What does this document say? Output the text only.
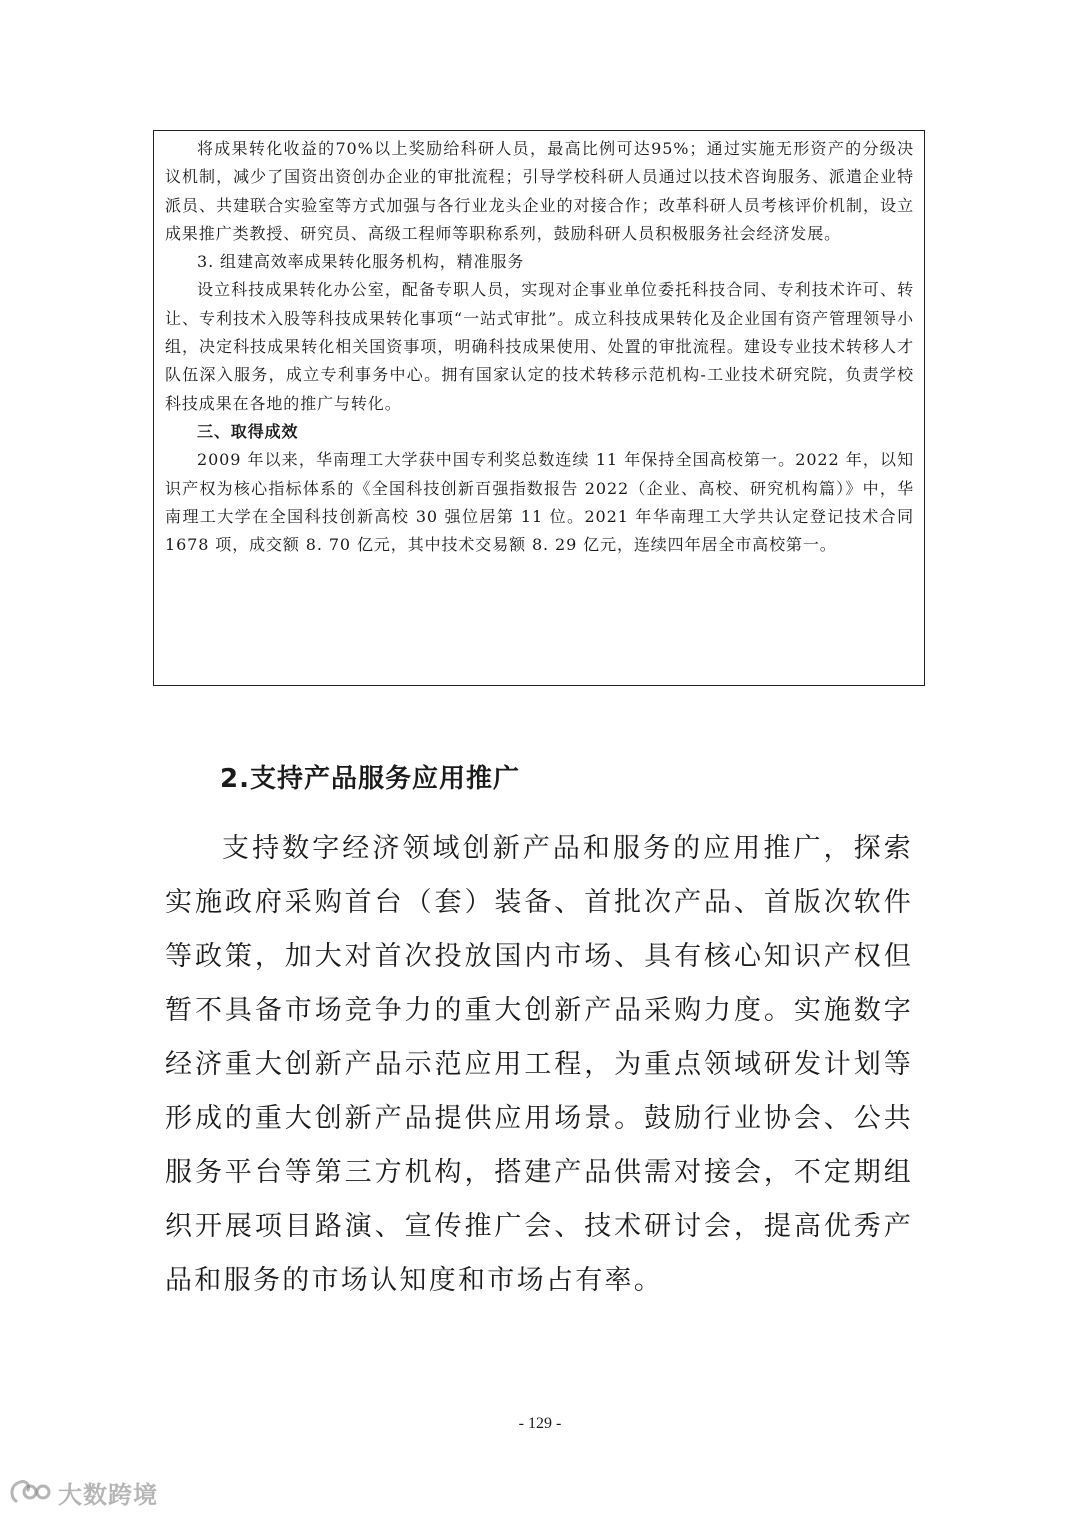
将成果转化收益的70%以上奖励给科研人员，最高比例可达95%；通过实施无形资产的分级决议机制，减少了国资出资创办企业的审批流程；引导学校科研人员通过以技术咨询服务、派遣企业特派员、共建联合实验室等方式加强与各行业龙头企业的对接合作；改革科研人员考核评价机制，设立成果推广类教授、研究员、高级工程师等职称系列，鼓励科研人员积极服务社会经济发展。

3. 组建高效率成果转化服务机构，精准服务

设立科技成果转化办公室，配备专职人员，实现对企事业单位委托科技合同、专利技术许可、转让、专利技术入股等科技成果转化事项“一站式审批”。成立科技成果转化及企业国有资产管理领导小组，决定科技成果转化相关国资事项，明确科技成果使用、处置的审批流程。建设专业技术转移人才队伍深入服务，成立专利事务中心。拥有国家认定的技术转移示范机构-工业技术研究院，负责学校科技成果在各地的推广与转化。

三、取得成效

2009 年以来，华南理工大学获中国专利奖总数连续 11 年保持全国高校第一。2022 年，以知识产权为核心指标体系的《全国科技创新百强指数报告 2022（企业、高校、研究机构篇）》中，华南理工大学在全国科技创新高校 30 强位居第 11 位。2021 年华南理工大学共认定登记技术合同 1678 项，成交额 8. 70 亿元，其中技术交易额 8. 29 亿元，连续四年居全市高校第一。

2.支持产品服务应用推广

支持数字经济领域创新产品和服务的应用推广，探索实施政府采购首台（套）装备、首批次产品、首版次软件等政策，加大对首次投放国内市场、具有核心知识产权但暂不具备市场竞争力的重大创新产品采购力度。实施数字经济重大创新产品示范应用工程，为重点领域研发计划等形成的重大创新产品提供应用场景。鼓励行业协会、公共服务平台等第三方机构，搭建产品供需对接会，不定期组织开展项目路演、宣传推广会、技术研讨会，提高优秀产品和服务的市场认知度和市场占有率。

- 129 -
大数跨境
